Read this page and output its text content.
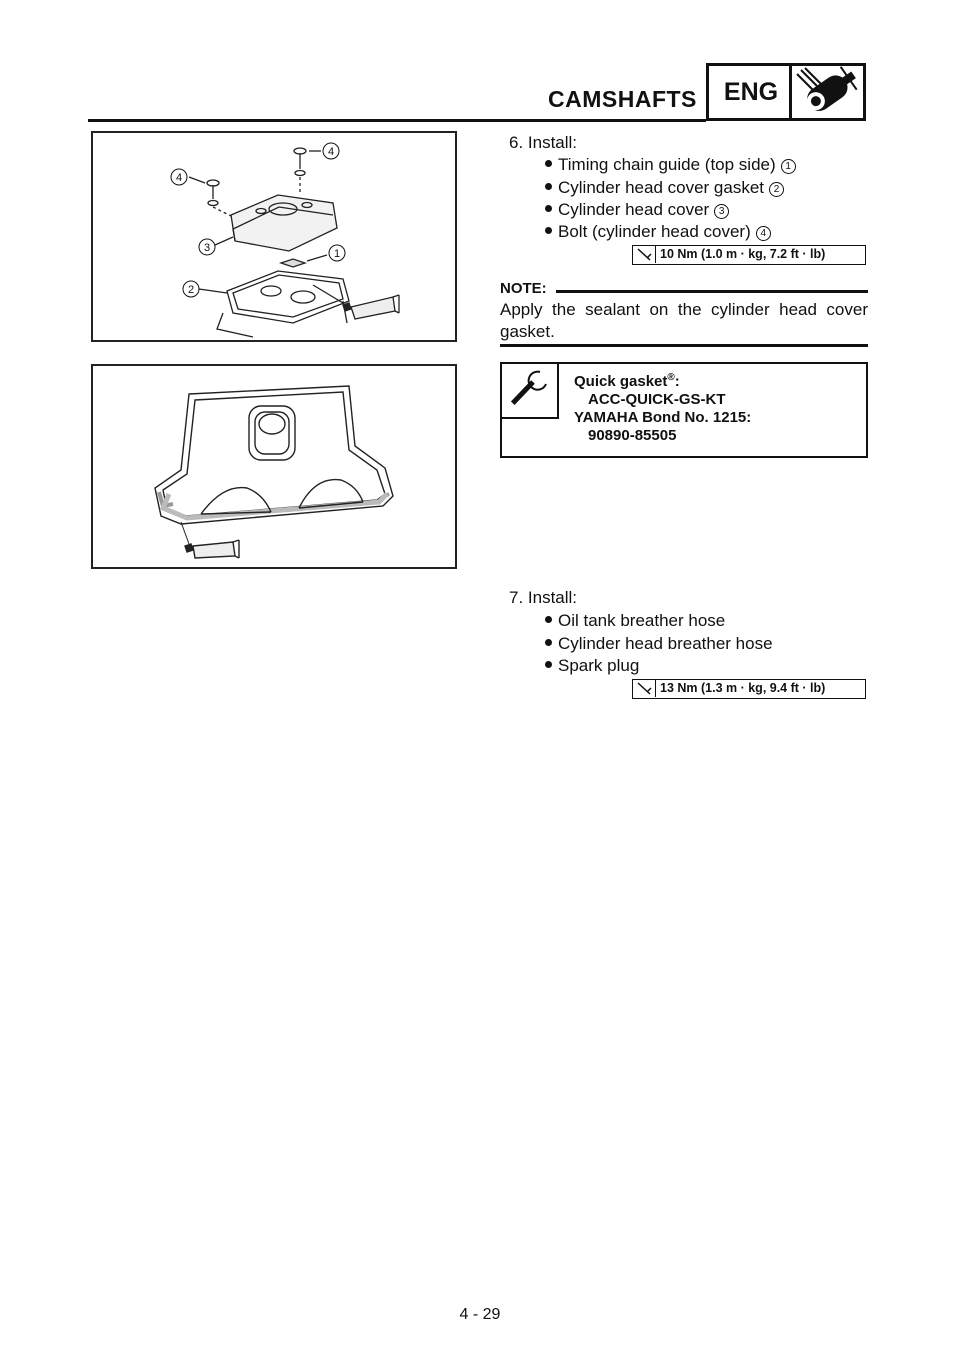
CAMSHAFTS	ENG
4
4
3	1
2
6. Install:
Timing chain guide (top side) 1
Cylinder head cover gasket 2
Cylinder head cover 3
Bolt (cylinder head cover) 4
10 Nm (1.0 m · kg, 7.2 ft · lb)
NOTE:
Apply the sealant on the cylinder head cover gasket.
Quick gasket®:
ACC-QUICK-GS-KT
YAMAHA Bond No. 1215:
90890-85505
7. Install:
Oil tank breather hose
Cylinder head breather hose
Spark plug
13 Nm (1.3 m · kg, 9.4 ft · lb)
4 - 29
